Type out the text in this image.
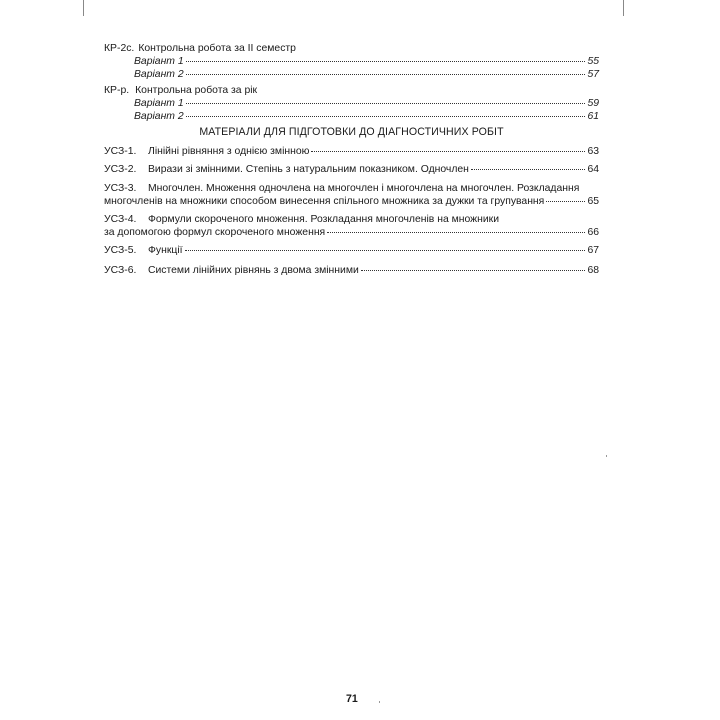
КР-2с. Контрольна робота за ІІ семестр
Варіант 1	55
Варіант 2	57
КР-р. Контрольна робота за рік
Варіант 1	59
Варіант 2	61
МАТЕРІАЛИ ДЛЯ ПІДГОТОВКИ ДО ДІАГНОСТИЧНИХ РОБІТ
УСЗ-1.	Лінійні рівняння з однією змінною	63
УСЗ-2.	Вирази зі змінними. Степінь з натуральним показником. Одночлен	64
УСЗ-3.	Многочлен. Множення одночлена на многочлен і многочлена на многочлен. Розкладання
многочленів на множники способом винесення спільного множника за дужки та групування	65
УСЗ-4.	Формули скороченого множення. Розкладання многочленів на множники
за допомогою формул скороченого множення	66
УСЗ-5.	Функції	67
УСЗ-6.	Системи лінійних рівнянь з двома змінними	68
71
